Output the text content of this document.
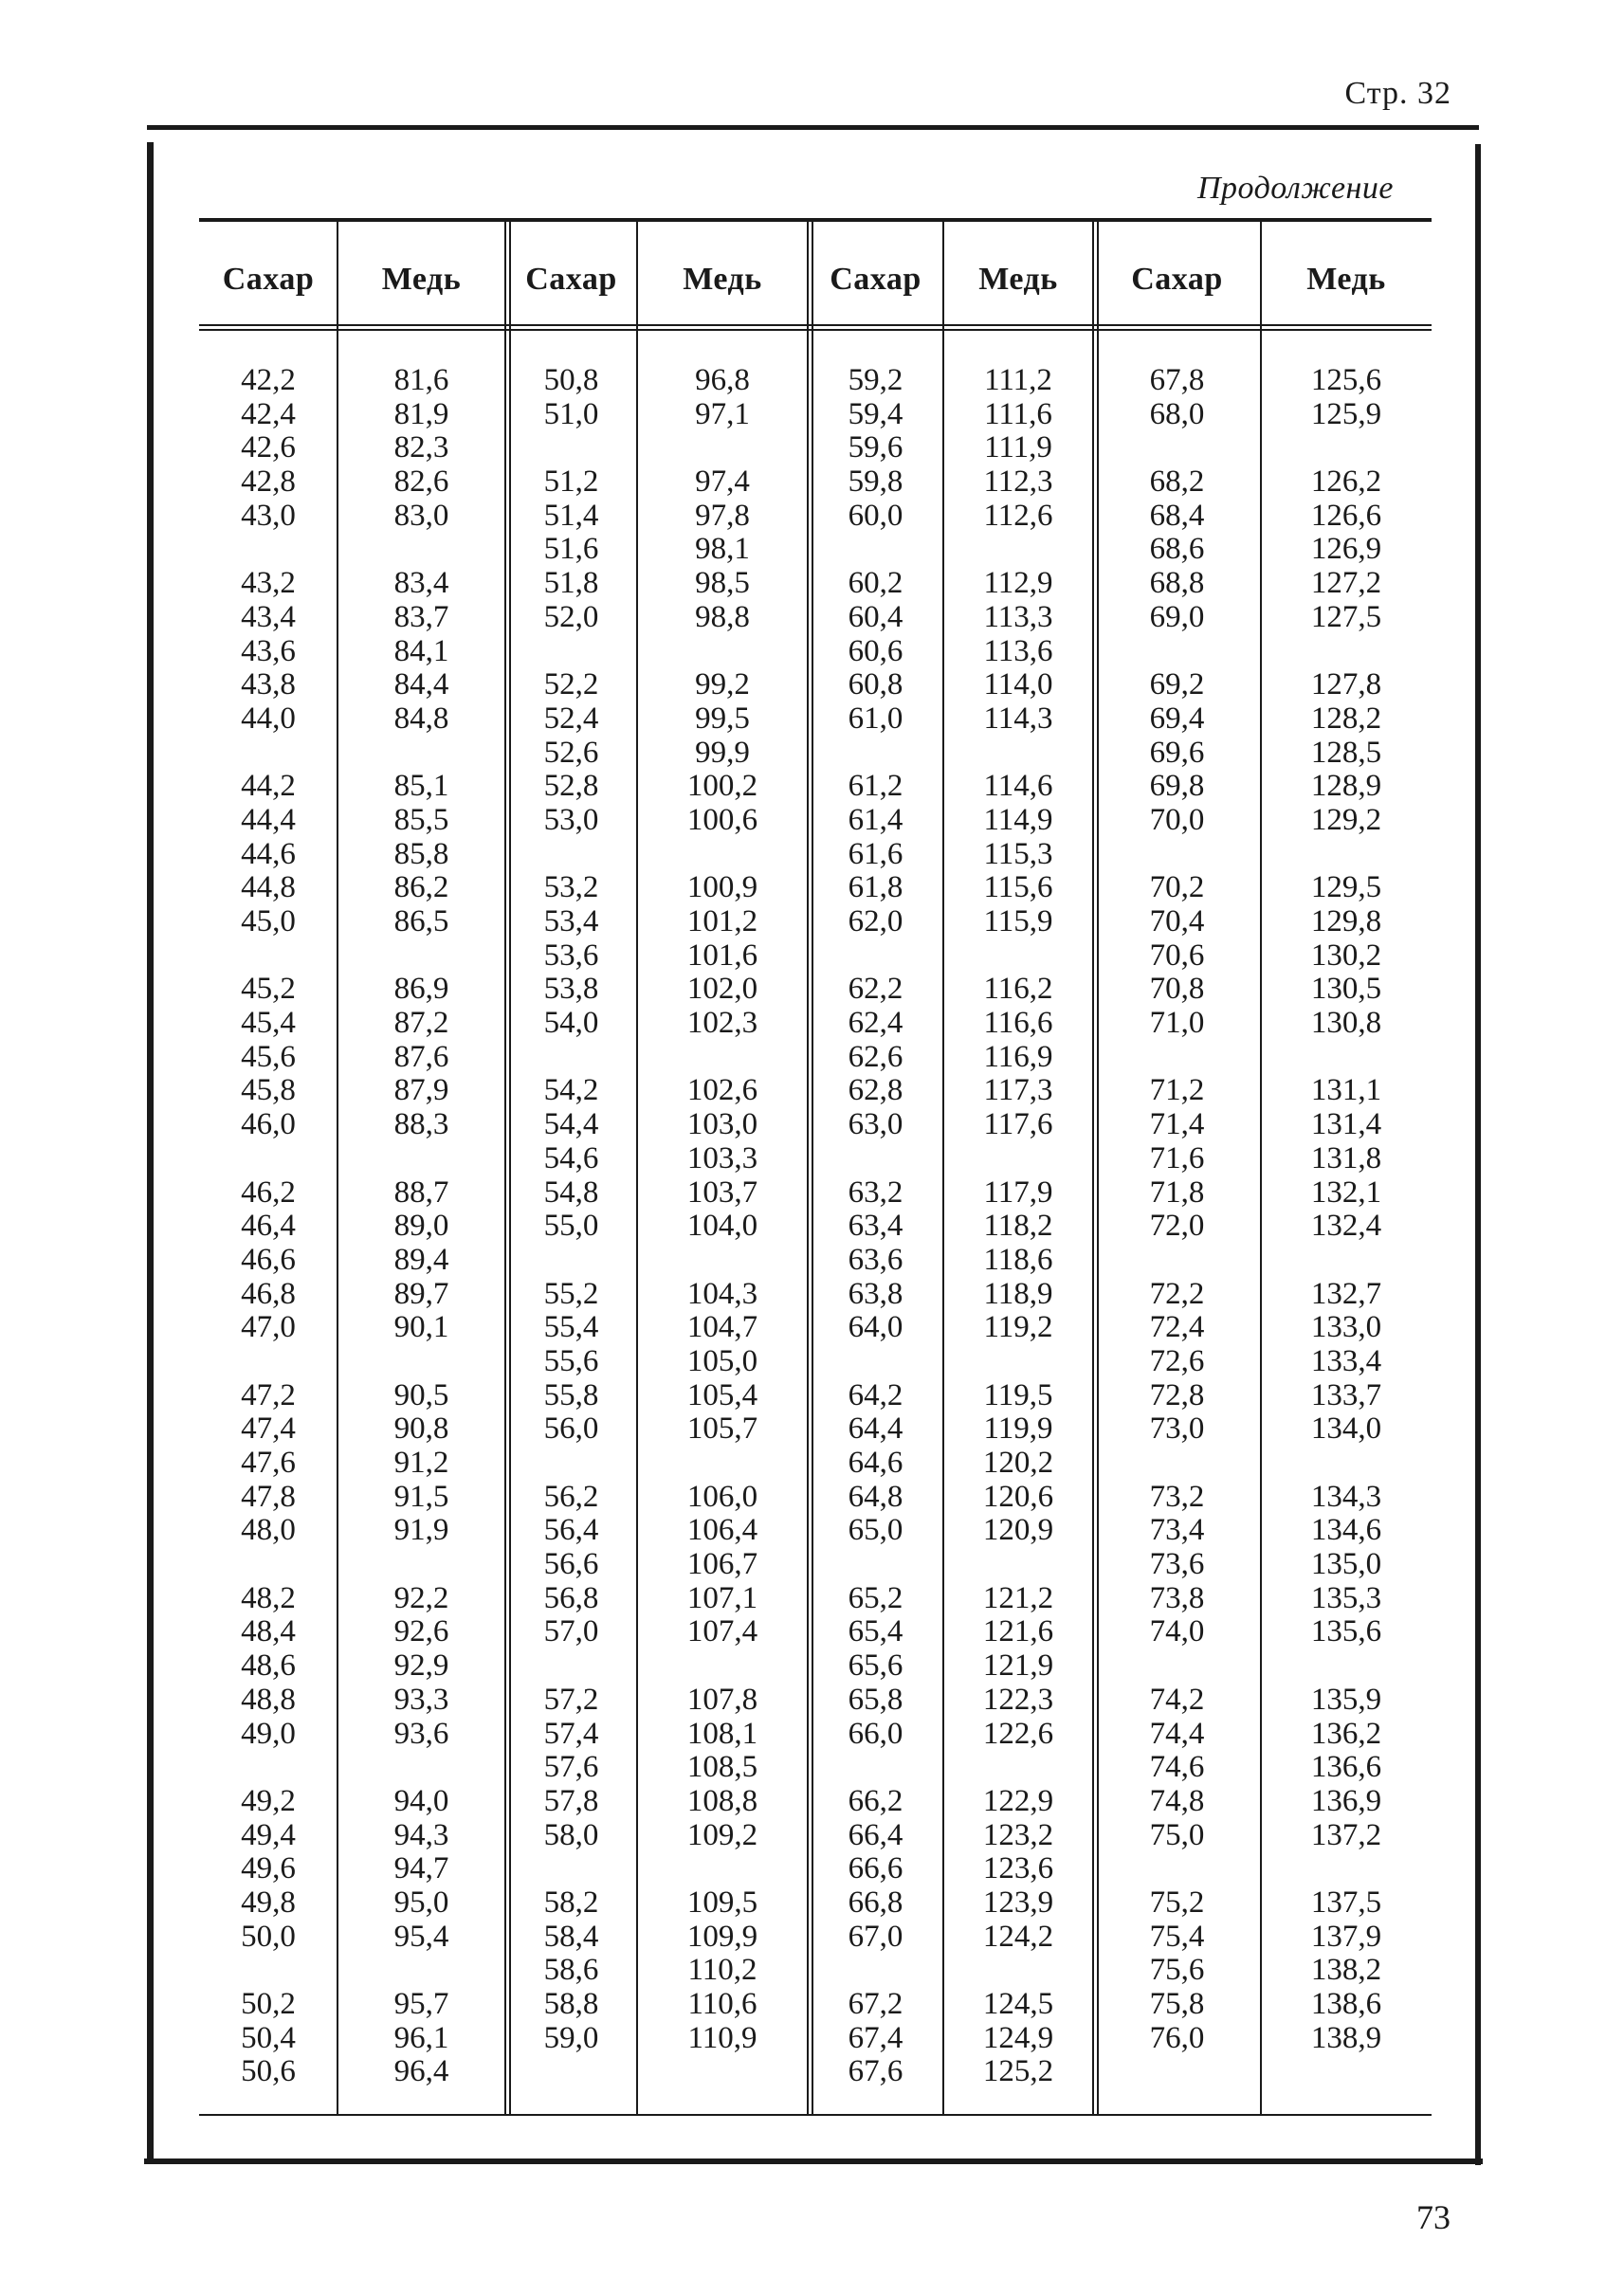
Стр. 32
Продолжение
Сахар
42,2
42,4
42,6
42,8
43,0
43,2
43,4
43,6
43,8
44,0
44,2
44,4
44,6
44,8
45,0
45,2
45,4
45,6
45,8
46,0
46,2
46,4
46,6
46,8
47,0
47,2
47,4
47,6
47,8
48,0
48,2
48,4
48,6
48,8
49,0
49,2
49,4
49,6
49,8
50,0
50,2
50,4
50,6
Медь
81,6
81,9
82,3
82,6
83,0
83,4
83,7
84,1
84,4
84,8
85,1
85,5
85,8
86,2
86,5
86,9
87,2
87,6
87,9
88,3
88,7
89,0
89,4
89,7
90,1
90,5
90,8
91,2
91,5
91,9
92,2
92,6
92,9
93,3
93,6
94,0
94,3
94,7
95,0
95,4
95,7
96,1
96,4
Сахар
50,8
51,0
51,2
51,4
51,6
51,8
52,0
52,2
52,4
52,6
52,8
53,0
53,2
53,4
53,6
53,8
54,0
54,2
54,4
54,6
54,8
55,0
55,2
55,4
55,6
55,8
56,0
56,2
56,4
56,6
56,8
57,0
57,2
57,4
57,6
57,8
58,0
58,2
58,4
58,6
58,8
59,0
Медь
96,8
97,1
97,4
97,8
98,1
98,5
98,8
99,2
99,5
99,9
100,2
100,6
100,9
101,2
101,6
102,0
102,3
102,6
103,0
103,3
103,7
104,0
104,3
104,7
105,0
105,4
105,7
106,0
106,4
106,7
107,1
107,4
107,8
108,1
108,5
108,8
109,2
109,5
109,9
110,2
110,6
110,9
Сахар
59,2
59,4
59,6
59,8
60,0
60,2
60,4
60,6
60,8
61,0
61,2
61,4
61,6
61,8
62,0
62,2
62,4
62,6
62,8
63,0
63,2
63,4
63,6
63,8
64,0
64,2
64,4
64,6
64,8
65,0
65,2
65,4
65,6
65,8
66,0
66,2
66,4
66,6
66,8
67,0
67,2
67,4
67,6
Медь
111,2
111,6
111,9
112,3
112,6
112,9
113,3
113,6
114,0
114,3
114,6
114,9
115,3
115,6
115,9
116,2
116,6
116,9
117,3
117,6
117,9
118,2
118,6
118,9
119,2
119,5
119,9
120,2
120,6
120,9
121,2
121,6
121,9
122,3
122,6
122,9
123,2
123,6
123,9
124,2
124,5
124,9
125,2
Сахар
67,8
68,0
68,2
68,4
68,6
68,8
69,0
69,2
69,4
69,6
69,8
70,0
70,2
70,4
70,6
70,8
71,0
71,2
71,4
71,6
71,8
72,0
72,2
72,4
72,6
72,8
73,0
73,2
73,4
73,6
73,8
74,0
74,2
74,4
74,6
74,8
75,0
75,2
75,4
75,6
75,8
76,0
Медь
125,6
125,9
126,2
126,6
126,9
127,2
127,5
127,8
128,2
128,5
128,9
129,2
129,5
129,8
130,2
130,5
130,8
131,1
131,4
131,8
132,1
132,4
132,7
133,0
133,4
133,7
134,0
134,3
134,6
135,0
135,3
135,6
135,9
136,2
136,6
136,9
137,2
137,5
137,9
138,2
138,6
138,9
73
